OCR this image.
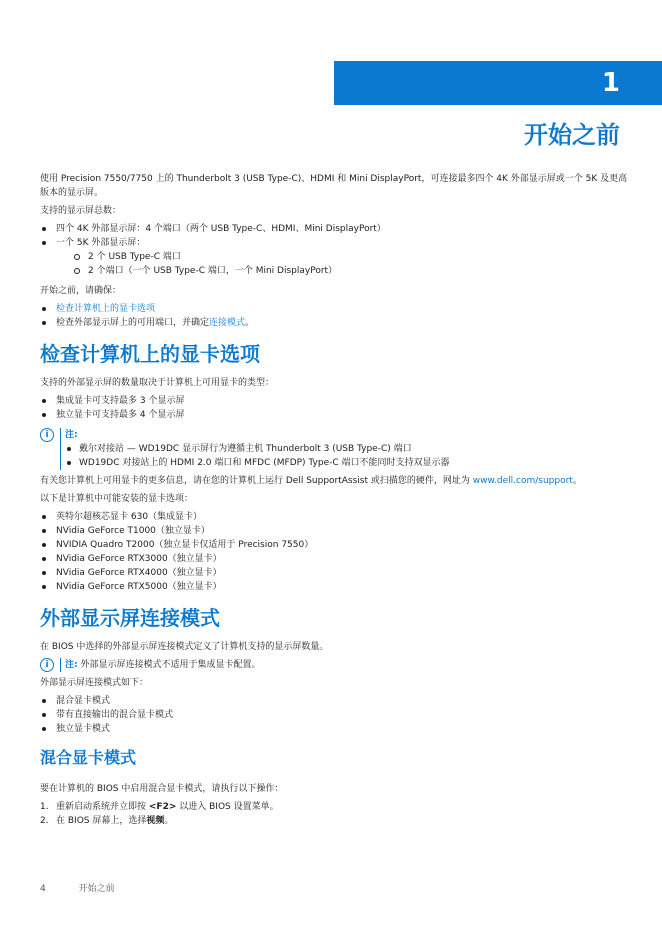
1
开始之前

使用 Precision 7550/7750 上的 Thunderbolt 3 (USB Type-C)、HDMI 和 Mini DisplayPort，可连接最多四个 4K 外部显示屏或一个 5K 及更高版本的显示屏。

支持的显示屏总数：

四个 4K 外部显示屏：4 个端口（两个 USB Type-C、HDMI、Mini DisplayPort）
一个 5K 外部显示屏：
2 个 USB Type-C 端口
2 个端口（一个 USB Type-C 端口，一个 Mini DisplayPort）

开始之前，请确保：

检查计算机上的显卡选项
检查外部显示屏上的可用端口，并确定连接模式。
检查计算机上的显卡选项

支持的外部显示屏的数量取决于计算机上可用显卡的类型：

集成显卡可支持最多 3 个显示屏
独立显卡可支持最多 4 个显示屏
i	注:
戴尔对接站 — WD19DC 显示屏行为遵循主机 Thunderbolt 3 (USB Type-C) 端口
WD19DC 对接站上的 HDMI 2.0 端口和 MFDC (MFDP) Type-C 端口不能同时支持双显示器

有关您计算机上可用显卡的更多信息，请在您的计算机上运行 Dell SupportAssist 或扫描您的硬件，网址为 www.dell.com/support。

以下是计算机中可能安装的显卡选项：

英特尔超核芯显卡 630（集成显卡）
NVidia GeForce T1000（独立显卡）
NVIDIA Quadro T2000（独立显卡仅适用于 Precision 7550）
NVidia GeForce RTX3000（独立显卡）
NVidia GeForce RTX4000（独立显卡）
NVidia GeForce RTX5000（独立显卡）
外部显示屏连接模式

在 BIOS 中选择的外部显示屏连接模式定义了计算机支持的显示屏数量。

i	注: 外部显示屏连接模式不适用于集成显卡配置。

外部显示屏连接模式如下：

混合显卡模式
带有直接输出的混合显卡模式
独立显卡模式
混合显卡模式

要在计算机的 BIOS 中启用混合显卡模式，请执行以下操作：

1. 重新启动系统并立即按 <F2> 以进入 BIOS 设置菜单。
2. 在 BIOS 屏幕上，选择视频。
4	开始之前
